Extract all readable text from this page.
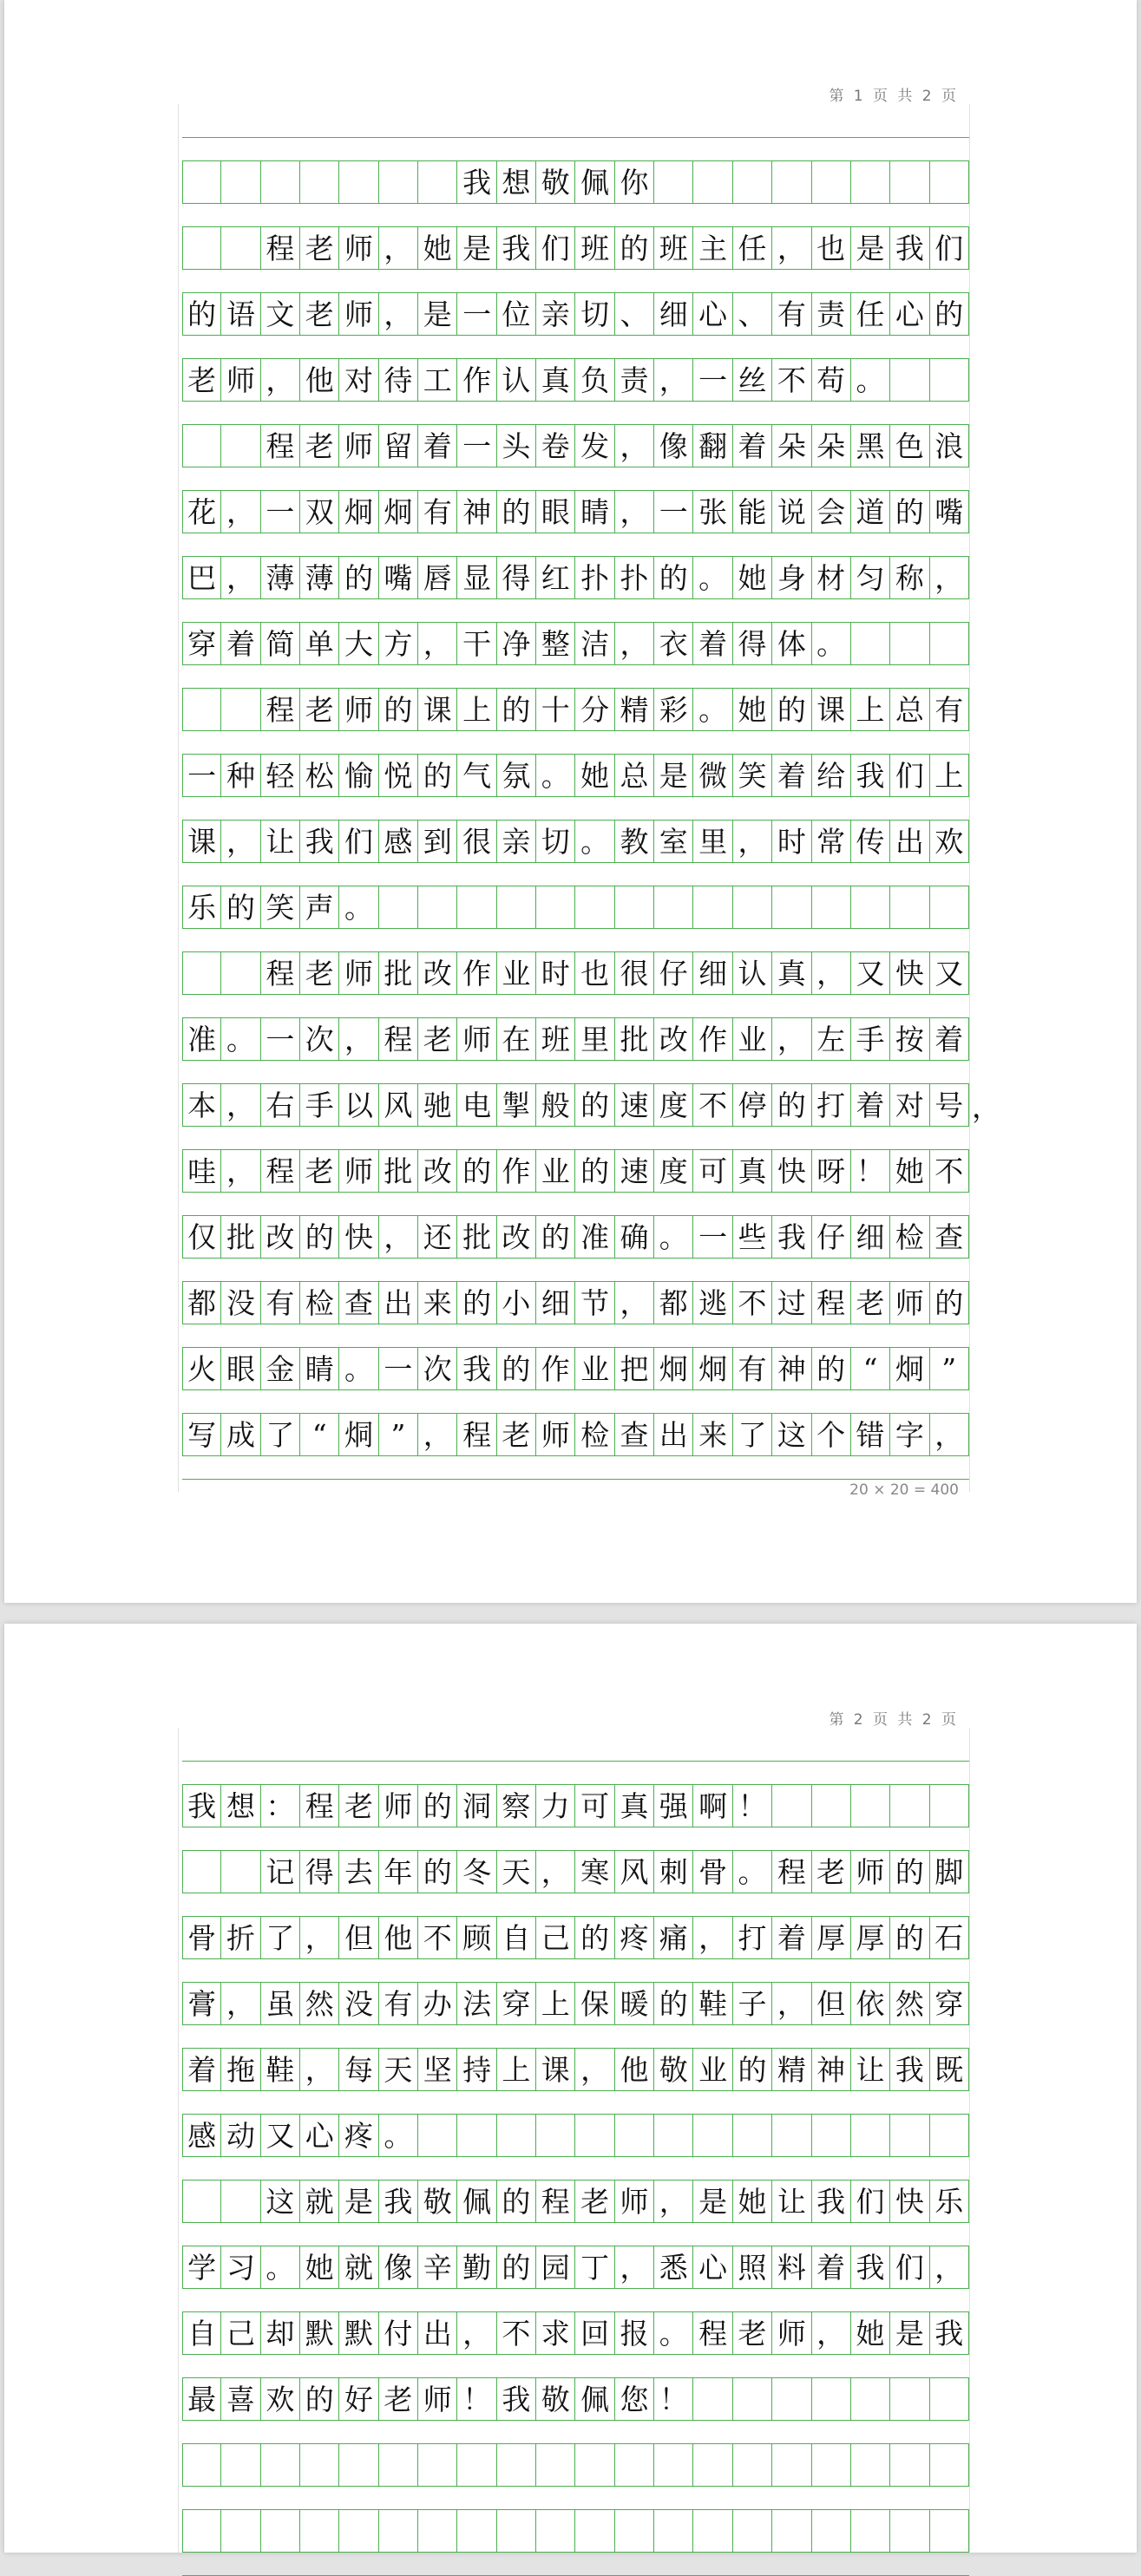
第 1 页 共 2 页
我 想 敬 佩 你
程 老 师 ， 她 是 我 们 班 的 班 主 任 ， 也 是 我 们
的 语 文 老 师 ， 是 一 位 亲 切 、 细 心 、 有 责 任 心 的
老 师 ， 他 对 待 工 作 认 真 负 责 ， 一 丝 不 苟 。
程 老 师 留 着 一 头 卷 发 ， 像 翻 着 朵 朵 黑 色 浪
花 ， 一 双 炯 炯 有 神 的 眼 睛 ， 一 张 能 说 会 道 的 嘴
巴 ， 薄 薄 的 嘴 唇 显 得 红 扑 扑 的 。 她 身 材 匀 称 ，
穿 着 简 单 大 方 ， 干 净 整 洁 ， 衣 着 得 体 。
程 老 师 的 课 上 的 十 分 精 彩 。 她 的 课 上 总 有
一 种 轻 松 愉 悦 的 气 氛 。 她 总 是 微 笑 着 给 我 们 上
课 ， 让 我 们 感 到 很 亲 切 。 教 室 里 ， 时 常 传 出 欢
乐 的 笑 声 。
程 老 师 批 改 作 业 时 也 很 仔 细 认 真 ， 又 快 又
准 。 一 次 ， 程 老 师 在 班 里 批 改 作 业 ， 左 手 按 着
本 ， 右 手 以 风 驰 电 掣 般 的 速 度 不 停 的 打 着 对 号 ，
哇 ， 程 老 师 批 改 的 作 业 的 速 度 可 真 快 呀 ！ 她 不
仅 批 改 的 快 ， 还 批 改 的 准 确 。 一 些 我 仔 细 检 查
都 没 有 检 查 出 来 的 小 细 节 ， 都 逃 不 过 程 老 师 的
火 眼 金 睛 。 一 次 我 的 作 业 把 炯 炯 有 神 的 “ 炯 ”
写 成 了 “ 烔 ” ， 程 老 师 检 查 出 来 了 这 个 错 字 ，
20 × 20 = 400
第 2 页 共 2 页
我 想 ： 程 老 师 的 洞 察 力 可 真 强 啊 ！
记 得 去 年 的 冬 天 ， 寒 风 刺 骨 。 程 老 师 的 脚
骨 折 了 ， 但 他 不 顾 自 己 的 疼 痛 ， 打 着 厚 厚 的 石
膏 ， 虽 然 没 有 办 法 穿 上 保 暖 的 鞋 子 ， 但 依 然 穿
着 拖 鞋 ， 每 天 坚 持 上 课 ， 他 敬 业 的 精 神 让 我 既
感 动 又 心 疼 。
这 就 是 我 敬 佩 的 程 老 师 ， 是 她 让 我 们 快 乐
学 习 。 她 就 像 辛 勤 的 园 丁 ， 悉 心 照 料 着 我 们 ，
自 己 却 默 默 付 出 ， 不 求 回 报 。 程 老 师 ， 她 是 我
最 喜 欢 的 好 老 师 ！ 我 敬 佩 您 ！
